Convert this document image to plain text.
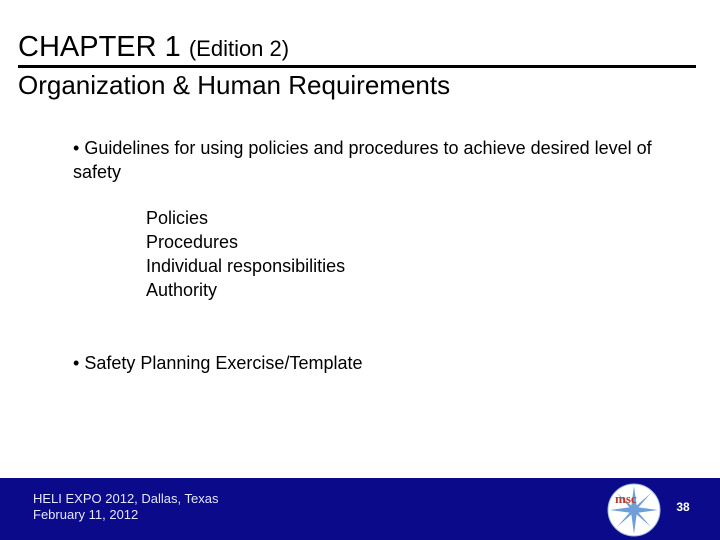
CHAPTER 1 (Edition 2)
Organization & Human Requirements
• Guidelines for using policies and procedures to achieve desired level of safety
Policies
Procedures
Individual responsibilities
Authority
• Safety Planning Exercise/Template
HELI EXPO 2012, Dallas, Texas
February 11, 2012
msc
38
